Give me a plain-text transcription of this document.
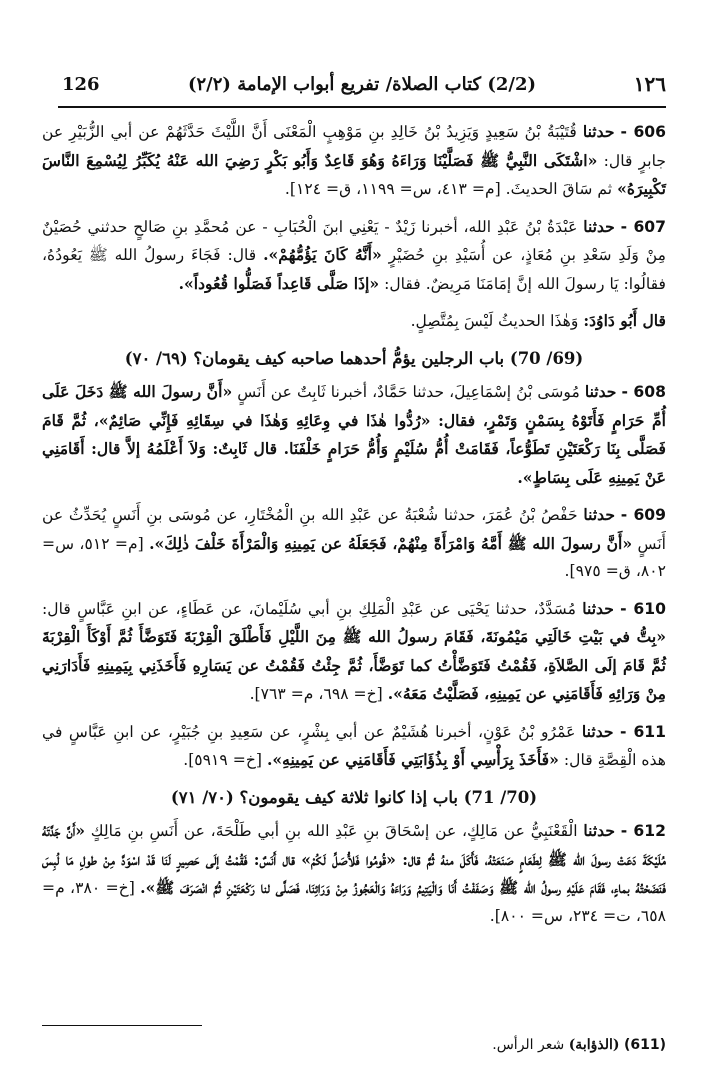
126	(2/2) كتاب الصلاة/ تفريع أبواب الإمامة (٢/٢)	١٢٦

606 - حدثنا قُتَيْبَةُ بْنُ سَعِيدٍ وَيَزِيدُ بْنُ خَالِدِ بنِ مَوْهِبٍ الْمَعْنَى أَنَّ اللَّيْثَ حَدَّثَهُمْ عن أبي الزُّبَيْرِ عن جابرٍ قال: «اشْتَكَى النَّبِيُّ ﷺ فَصَلَّيْنَا وَرَاءَهُ وَهُوَ قَاعِدٌ وَأَبُو بَكْرٍ رَضِيَ الله عَنْهُ يُكَبِّرُ لِيُسْمِعَ النَّاسَ تَكْبِيرَهُ» ثم سَاقَ الحديثَ. [م= ٤١٣، س= ١١٩٩، ق= ١٢٤].

607 - حدثنا عَبْدَةُ بْنُ عَبْدِ الله، أخبرنا زَيْدٌ - يَعْنِي ابنَ الْحُبَابِ - عن مُحمَّدِ بنِ صَالحٍ حدثني حُصَيْنٌ مِنْ وَلَدِ سَعْدِ بنِ مُعَاذٍ، عن أُسَيْدِ بنِ حُضَيْرٍ «أَنَّهُ كَانَ يَؤُمُّهُمْ». قال: فَجَاءَ رسولُ الله ﷺ يَعُودُهُ، فقالُوا: يَا رسولَ الله إنَّ إمَامَنَا مَرِيضٌ. فقال: «إذَا صَلَّى قَاعِداً فَصَلُّوا قُعُوداً».

قال أَبُو دَاوُدَ: وَهٰذَا الحديثُ لَيْسَ بِمُتَّصِلٍ.

(69/ 70) باب الرجلين يؤمُّ أحدهما صاحبه كيف يقومان؟ (٦٩/ ٧٠)

608 - حدثنا مُوسَى بْنُ إسْمَاعِيلَ، حدثنا حَمَّادٌ، أخبرنا ثَابِتٌ عن أَنَسٍ «أَنَّ رسولَ الله ﷺ دَخَلَ عَلَى أُمِّ حَرَامٍ فَأَتَوْهُ بِسَمْنٍ وَتَمْرٍ، فقال: «رُدُّوا هٰذَا في وِعَائِهِ وَهٰذَا في سِقَائِهِ فَإِنِّي صَائِمٌ»، ثُمَّ قَامَ فَصَلَّى بِنَا رَكْعَتَيْنِ تَطَوُّعاً، فَقَامَتْ أُمُّ سُلَيْمٍ وَأُمُّ حَرَامٍ خَلْفَنَا. قال ثَابِتٌ: وَلاَ أَعْلَمُهُ إلاَّ قال: أَقَامَنِي عَنْ يَمِينِهِ عَلَى بِسَاطٍ».

609 - حدثنا حَفْصُ بْنُ عُمَرَ، حدثنا شُعْبَةُ عن عَبْدِ الله بنِ الْمُخْتَارِ، عن مُوسَى بنِ أَنَسٍ يُحَدِّثُ عن أَنَسٍ «أَنَّ رسولَ الله ﷺ أَمَّهُ وَامْرَأَةً مِنْهُمْ، فَجَعَلَهُ عن يَمِينِهِ وَالْمَرْأَةَ خَلْفَ ذٰلِكَ». [م= ٥١٢، س= ٨٠٢، ق= ٩٧٥].

610 - حدثنا مُسَدَّدٌ، حدثنا يَحْيَى عن عَبْدِ الْمَلِكِ بنِ أبي سُلَيْمانَ، عن عَطَاءٍ، عن ابنِ عَبَّاسٍ قال: «بِتُّ في بَيْتِ خَالَتِي مَيْمُونَةَ، فَقَامَ رسولُ الله ﷺ مِنَ اللَّيْلِ فَأَطْلَقَ الْقِرْبَةَ فَتَوَضَّأَ ثُمَّ أَوْكَأَ الْقِرْبَةَ ثُمَّ قَامَ إلَى الصَّلاَةِ، فَقُمْتُ فَتَوَضَّأْتُ كما تَوَضَّأَ، ثُمَّ جِئْتُ فَقُمْتُ عن يَسَارِهِ فَأَخَذَنِي بِيَمِينِهِ فَأَدَارَنِي مِنْ وَرَائِهِ فَأَقَامَنِي عن يَمِينِهِ، فَصَلَّيْتُ مَعَهُ». [خ= ٦٩٨، م= ٧٦٣].

611 - حدثنا عَمْرُو بْنُ عَوْنٍ، أخبرنا هُشَيْمٌ عن أبي بِشْرٍ، عن سَعِيدِ بنِ جُبَيْرٍ، عن ابنِ عَبَّاسٍ في هذه الْقِصَّةِ قال: «فَأَخَذَ بِرَأْسِي أَوْ بِذُؤَابَتِي فَأَقَامَنِي عن يَمِينِهِ». [خ= ٥٩١٩].

(70/ 71) باب إذا كانوا ثلاثة كيف يقومون؟ (٧٠/ ٧١)

612 - حدثنا الْقَعْنَبِيُّ عن مَالِكٍ، عن إسْحَاقَ بنِ عَبْدِ الله بنِ أبي طَلْحَةَ، عن أَنَسِ بنِ مَالِكٍ «أَنَّ جَدَّتَهُ مُلَيْكَةَ دَعَتْ رسولَ الله ﷺ لِطَعَامٍ صَنَعَتْهُ، فَأَكَلَ منهُ ثُمَّ قال: «قُومُوا فَلأُصَلِّ لَكُمْ» قال أَنَسٌ: فَقُمْتُ إلَى حَصِيرٍ لَنَا قَدْ اسْوَدَّ مِنْ طولِ مَا لُبِسَ فَنَضَحْتُهُ بماءٍ، فَقَامَ عَلَيْهِ رسولُ الله ﷺ وَصَفَفْتُ أَنَا وَالْيَتِيمُ وَرَاءَهُ وَالْعَجُوزُ مِنْ وَرَائِنَا، فَصَلَّى لنا رَكْعَتَيْنِ ثُمَّ انْصَرَفَ ﷺ». [خ= ٣٨٠، م= ٦٥٨، ت= ٢٣٤، س= ٨٠٠].

(611) (الذؤابة) شعر الرأس.
